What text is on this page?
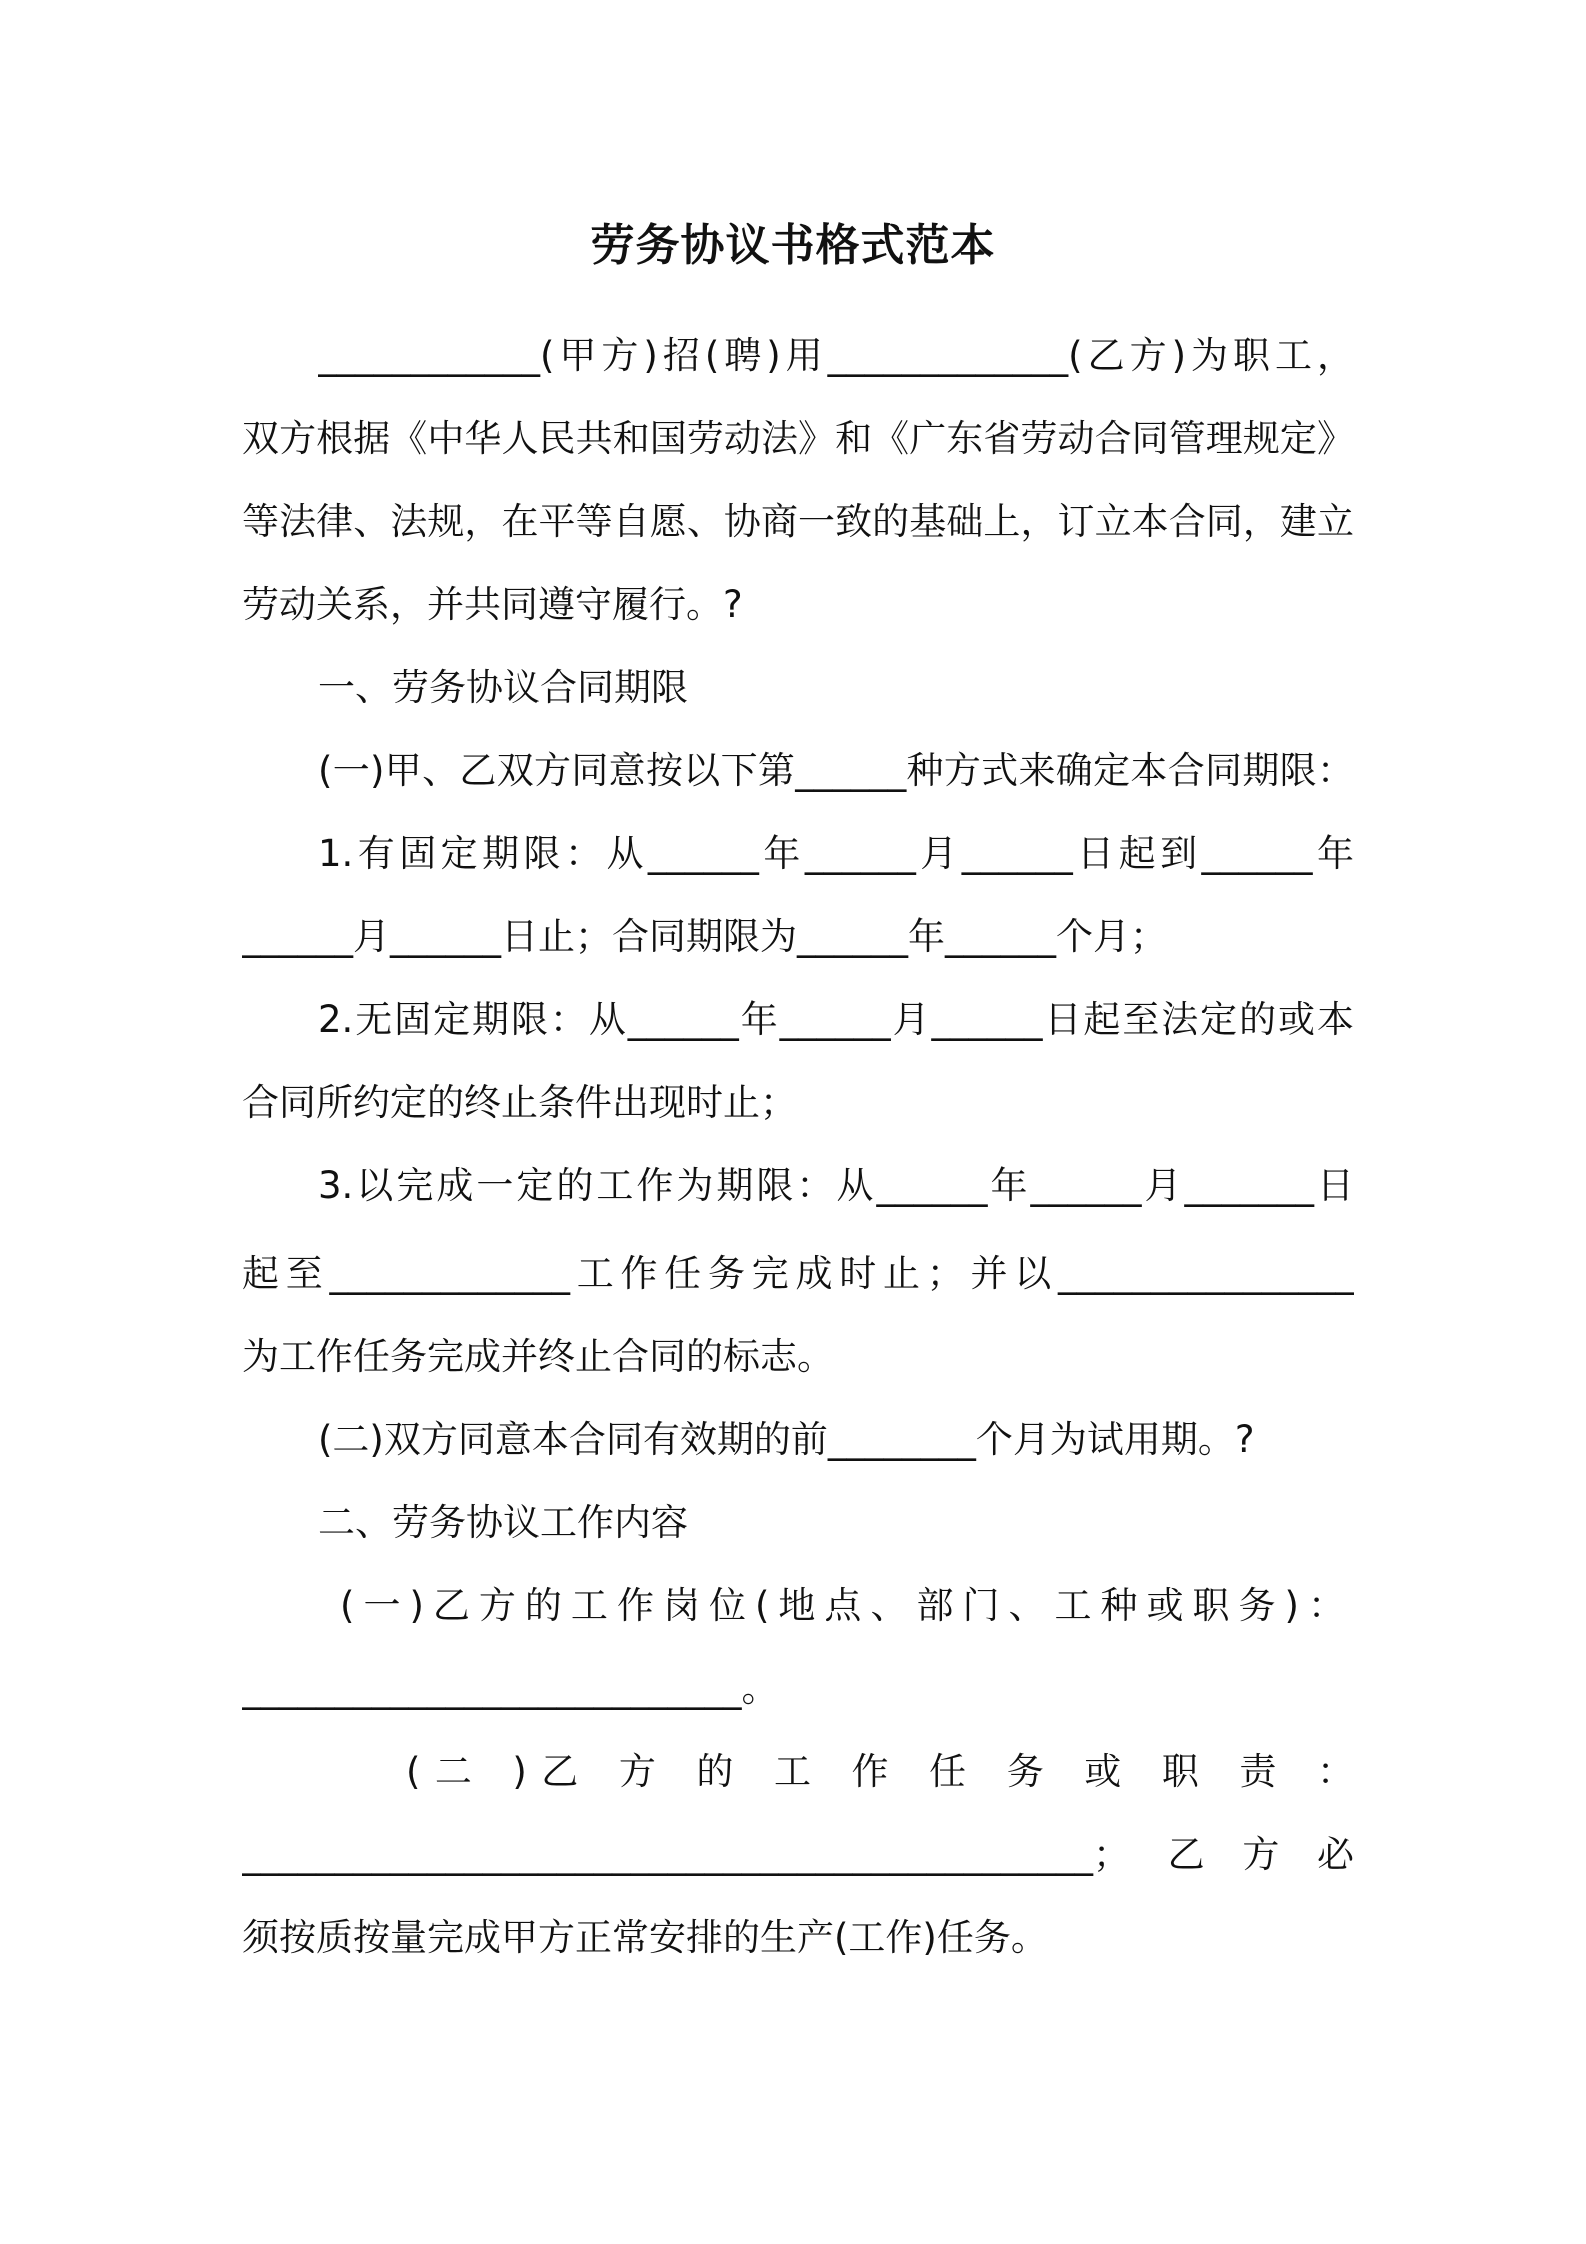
劳务协议书格式范本
____________(甲方)招(聘)用_____________(乙方)为职工，
双方根据《中华人民共和国劳动法》和《广东省劳动合同管理规定》
等法律、法规，在平等自愿、协商一致的基础上，订立本合同，建立
劳动关系，并共同遵守履行。?
一、劳务协议合同期限
(一)甲、乙双方同意按以下第______种方式来确定本合同期限：
1.有固定期限：从______年______月______日起到______年
______月______日止；合同期限为______年______个月；
2.无固定期限：从______年______月______日起至法定的或本
合同所约定的终止条件出现时止；
3.以完成一定的工作为期限：从______年______月_______日
起至_____________工作任务完成时止；并以________________
为工作任务完成并终止合同的标志。
(二)双方同意本合同有效期的前________个月为试用期。?
二、劳务协议工作内容
(一)乙方的工作岗位(地点、部门、工种或职务)：
___________________________。
(二 )乙 方 的 工 作 任 务 或 职 责 ：
______________________________________________；乙方必
须按质按量完成甲方正常安排的生产(工作)任务。
